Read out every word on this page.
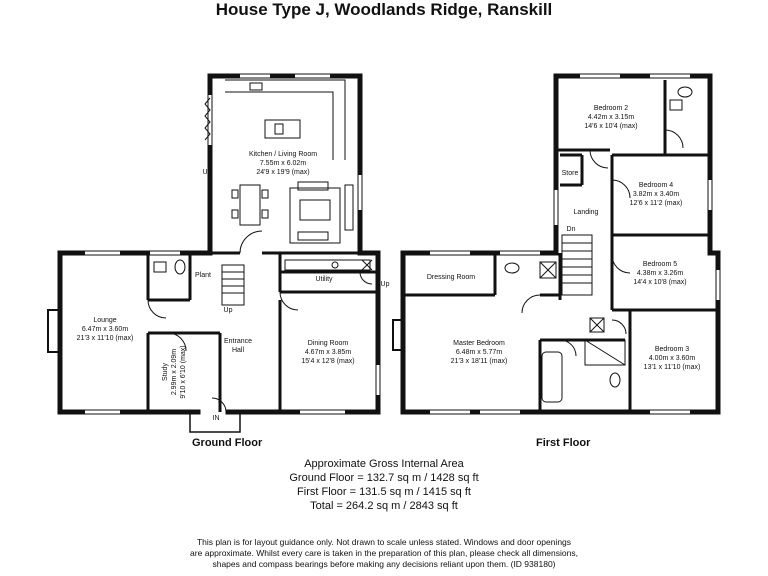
House Type J, Woodlands Ridge, Ranskill
Lounge
6.47m x 3.60m
21'3 x 11'10 (max)
Kitchen / Living Room
7.55m x 6.02m
24'9 x 19'9 (max)
Up
Plant
Utility
Up
Up
Entrance
Hall
Study 2.99m x 2.09m 9'10 x 6'10 (max)
Dining Room
4.67m x 3.85m
15'4 x 12'8 (max)
IN
Bedroom 2
4.42m x 3.15m
14'6 x 10'4 (max)
Store
Landing
Dn
Bedroom 4
3.82m x 3.40m
12'6 x 11'2 (max)
Bedroom 5
4.38m x 3.26m
14'4 x 10'8 (max)
Dressing Room
Master Bedroom
6.48m x 5.77m
21'3 x 18'11 (max)
Bedroom 3
4.00m x 3.60m
13'1 x 11'10 (max)
Ground Floor	First Floor
Approximate Gross Internal Area
Ground Floor = 132.7 sq m / 1428 sq ft
First Floor = 131.5 sq m / 1415 sq ft
Total = 264.2 sq m / 2843 sq ft
This plan is for layout guidance only. Not drawn to scale unless stated. Windows and door openings
are approximate. Whilst every care is taken in the preparation of this plan, please check all dimensions,
shapes and compass bearings before making any decisions reliant upon them. (ID 938180)
